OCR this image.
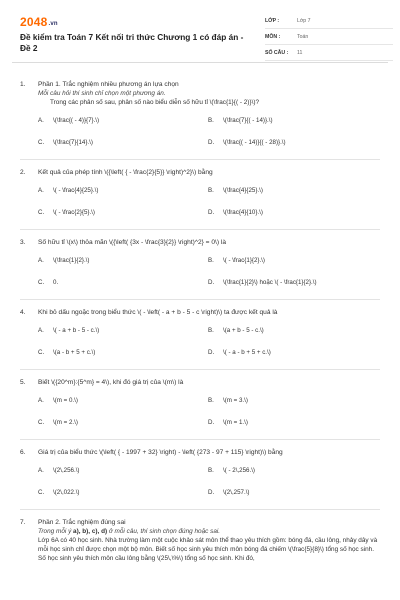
2048.vn
Đề kiểm tra Toán 7 Kết nối tri thức Chương 1 có đáp án - Đề 2
LỚP :	Lớp 7
MÔN :	Toán
SỐ CÂU :	11
1.	Phần 1. Trắc nghiệm nhiều phương án lựa chọn
Mỗi câu hỏi thí sinh chỉ chọn một phương án.
Trong các phân số sau, phân số nào biểu diễn số hữu tỉ \(\frac{1}{( - 2)}\)?
A.	\(\frac{( - 4)}{7}.\)	B.	\(\frac{7}{( - 14)}.\)
C.	\(\frac{7}{14}.\)	D.	\(\frac{( - 14)}{( - 28)}.\)
2.	Kết quả của phép tính \({\left( { - \frac{2}{5}} \right)^2}\) bằng
A.	\( - \frac{4}{25}.\)	B.	\(\frac{4}{25}.\)
C.	\( - \frac{2}{5}.\)	D.	\(\frac{4}{10}.\)
3.	Số hữu tỉ \(x\) thỏa mãn \({\left( {3x - \frac{3}{2}} \right)^2} = 0\) là
A.	\(\frac{1}{2}.\)	B.	\( - \frac{1}{2}.\)
C.	0.	D.	\(\frac{1}{2}\) hoặc \( - \frac{1}{2}.\)
4.	Khi bỏ dấu ngoặc trong biểu thức \( - \left( - a + b - 5 - c \right)\) ta được kết quả là
A.	\( - a + b - 5 - c.\)	B.	\(a + b - 5 - c.\)
C.	\(a - b + 5 + c.\)	D.	\( - a - b + 5 + c.\)
5.	Biết \({20^m}:{5^m} = 4\), khi đó giá trị của \(m\) là
A.	\(m = 0.\)	B.	\(m = 3.\)
C.	\(m = 2.\)	D.	\(m = 1.\)
6.	Giá trị của biểu thức \(\left( { - 1997 + 32} \right) - \left( {273 - 97 + 115} \right)\) bằng
A.	\(2\,256.\)	B.	\( - 2\,256.\)
C.	\(2\,022.\)	D.	\(2\,257.\)
7.	Phần 2. Trắc nghiệm đúng sai
Trong mỗi ý a), b), c), d) ở mỗi câu, thí sinh chọn đúng hoặc sai.
Lớp 6A có 40 học sinh. Nhà trường làm một cuộc khảo sát môn thể thao yêu thích gồm: bóng đá, cầu lông, nhảy dây và mỗi học sinh chỉ được chọn một bộ môn. Biết số học sinh yêu thích môn bóng đá chiếm \(\frac{5}{8}\) tổng số học sinh. Số học sinh yêu thích môn cầu lông bằng \(25\,\%\) tổng số học sinh. Khi đó,
